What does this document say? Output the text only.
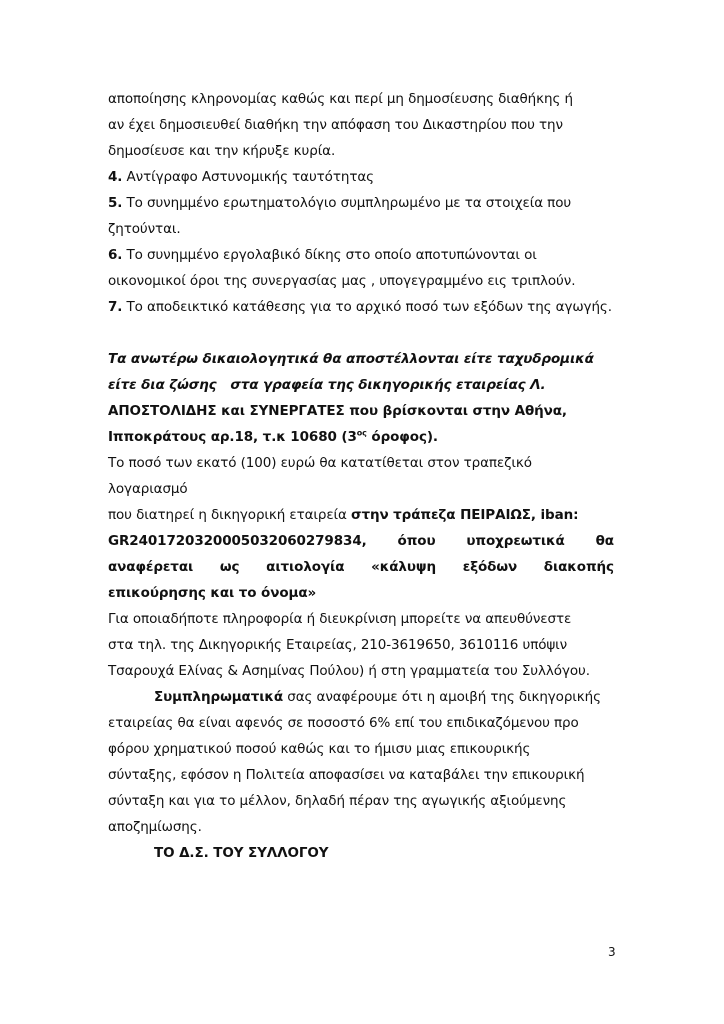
αποποίησης κληρονομίας καθώς και περί μη δημοσίευσης διαθήκης ή
αν έχει δημοσιευθεί διαθήκη την απόφαση του Δικαστηρίου που την
δημοσίευσε και την κήρυξε κυρία.
4. Αντίγραφο Αστυνομικής ταυτότητας
5. Το συνημμένο ερωτηματολόγιο συμπληρωμένο με τα στοιχεία που
ζητούνται.
6. Το συνημμένο εργολαβικό δίκης στο οποίο αποτυπώνονται οι
οικονομικοί όροι της συνεργασίας μας , υπογεγραμμένο εις τριπλούν.
7. Το αποδεικτικό κατάθεσης για το αρχικό ποσό των εξόδων της αγωγής.
Τα ανωτέρω δικαιολογητικά θα αποστέλλονται είτε ταχυδρομικά
είτε δια ζώσης   στα γραφεία της δικηγορικής εταιρείας Λ.
ΑΠΟΣΤΟΛΙΔΗΣ και ΣΥΝΕΡΓΑΤΕΣ που βρίσκονται στην Αθήνα,
Ιπποκράτους αρ.18, τ.κ 10680 ($3^{o\varsigma}$ όροφος).
Το ποσό των εκατό (100) ευρώ θα κατατίθεται στον τραπεζικό λογαριασμό
που διατηρεί η δικηγορική εταιρεία στην τράπεζα ΠΕΙΡΑΙΩΣ, iban:
GR2401720320005032060279834, όπου υποχρεωτικά θα
αναφέρεται ως αιτιολογία «κάλυψη εξόδων διακοπής
επικούρησης και το όνομα»
Για οποιαδήποτε πληροφορία ή διευκρίνιση μπορείτε να απευθύνεστε
στα τηλ. της Δικηγορικής Εταιρείας, 210-3619650, 3610116 υπόψιν
Τσαρουχά Ελίνας & Ασημίνας Πούλου) ή στη γραμματεία του Συλλόγου.
Συμπληρωματικά σας αναφέρουμε ότι η αμοιβή της δικηγορικής
εταιρείας θα είναι αφενός σε ποσοστό 6% επί του επιδικαζόμενου προ
φόρου χρηματικού ποσού καθώς και το ήμισυ μιας επικουρικής
σύνταξης, εφόσον η Πολιτεία αποφασίσει να καταβάλει την επικουρική
σύνταξη και για το μέλλον, δηλαδή πέραν της αγωγικής αξιούμενης
αποζημίωσης.
ΤΟ Δ.Σ. ΤΟΥ ΣΥΛΛΟΓΟΥ
3
